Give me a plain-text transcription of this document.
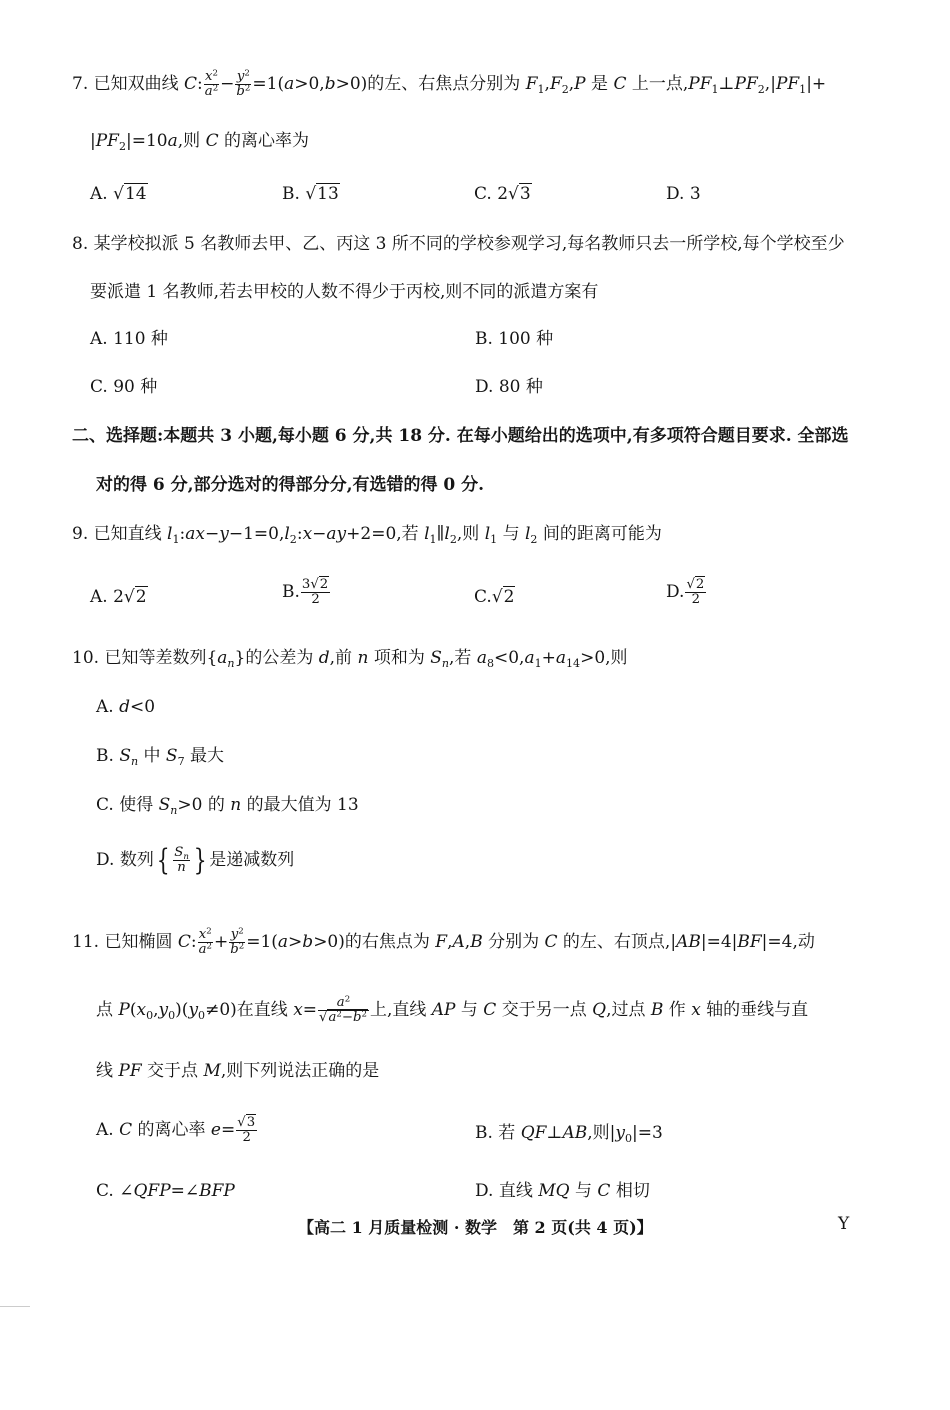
7. 已知双曲线 C: $\frac{x^2}{a^2} - \frac{y^2}{b^2} =1(a>0,b>0)$的左、右焦点分别为 $F_1,F_2,P$ 是 C 上一点$,PF_1\perp PF_2,|PF_1|+$
$|PF_2|=10a$,则 C 的离心率为
A. √14	B. √13	C. 2√3	D. 3
8. 某学校拟派 5 名教师去甲、乙、丙这 3 所不同的学校参观学习,每名教师只去一所学校,每个学校至少
要派遣 1 名教师,若去甲校的人数不得少于丙校,则不同的派遣方案有
A. 110 种	B. 100 种
C. 90 种	D. 80 种
二、选择题:本题共 3 小题,每小题 6 分,共 18 分. 在每小题给出的选项中,有多项符合题目要求. 全部选
对的得 6 分,部分选对的得部分分,有选错的得 0 分.
9. 已知直线 $l_1:ax-y-1=0,l_2:x-ay+2=0$,若 $l_1\parallel l_2$,则 $l_1$ 与 $l_2$ 间的距离可能为
A. 2√2	B. $\frac{3√2}{2}$	C.√2	D. $\frac{√2}{2}$
10. 已知等差数列$\{a_n\}$的公差为 d,前 n 项和为 $S_n$,若 $a_8<0,a_1+a_{14}>0$,则
A. d<0
B. $S_n$ 中 $S_7$ 最大
C. 使得 $S_n>0$ 的 n 的最大值为 13
D. 数列{ $\frac{S_n}{n}$ } 是递减数列
11. 已知椭圆 C: $\frac{x^2}{a^2} + \frac{y^2}{b^2} =1(a>b>0)$的右焦点为 F,A,B 分别为 C 的左、右顶点,|AB|=4|BF|=4,动
点 $P(x_0,y_0)(y_0\ne 0)$在直线 $x= \frac{a^2}{√a^2-b^2}$ 上,直线 AP 与 C 交于另一点 Q,过点 B 作 x 轴的垂线与直
线 PF 交于点 M,则下列说法正确的是
A. C 的离心率 $e= \frac{√3}{2}$	B. 若 QF⊥AB,则$|y_0|=3$
C. ∠QFP=∠BFP	D. 直线 MQ 与 C 相切
【高二 1 月质量检测 · 数学　第 2 页(共 4 页)】	Y
